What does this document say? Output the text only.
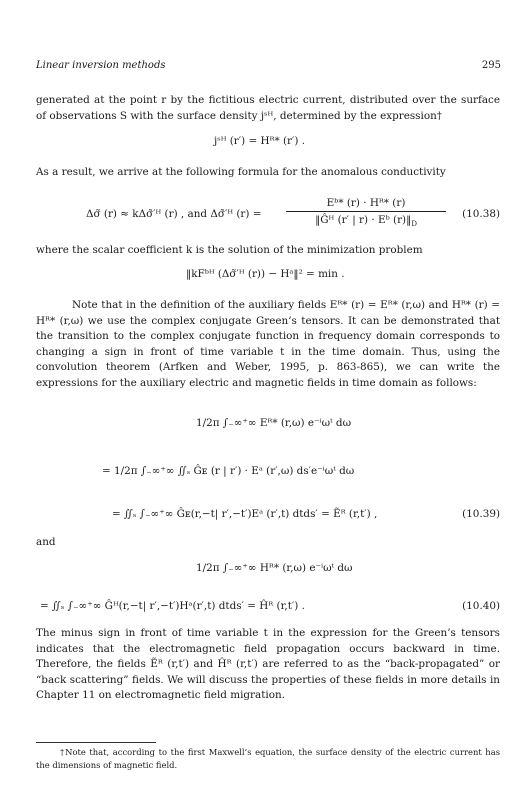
Linear inversion methods	295
generated at the point r by the fictitious electric current, distributed over the surface of observations S with the surface density jˢᴴ, determined by the expression†
jˢᴴ (r′) = Hᴿ* (r′) .
As a result, we arrive at the following formula for the anomalous conductivity
Δσ̃ (r) ≈ kΔσ̃′ᴴ (r) , and Δσ̃′ᴴ (r) =
Eᵇ* (r) · Hᴿ* (r)
‖Ĝᴴ (r′ | r) · Eᵇ $(r)‖_D$
(10.38)
where the scalar coefficient k is the solution of the minimization problem
‖kFᵇᴴ (Δσ̃′ᴴ (r)) − Hᵃ‖² = min .
Note that in the definition of the auxiliary fields Eᴿ* (r) = Eᴿ* (r,ω) and Hᴿ* (r) = Hᴿ* (r,ω) we use the complex conjugate Green’s tensors. It can be demonstrated that the transition to the complex conjugate function in frequency domain corresponds to changing a sign in front of time variable t in the time domain. Thus, using the convolution theorem (Arfken and Weber, 1995, p. 863-865), we can write the expressions for the auxiliary electric and magnetic fields in time domain as follows:
1/2π ∫₋∞⁺∞ Eᴿ* (r,ω) e⁻ⁱωᵗ dω
= 1/2π ∫₋∞⁺∞ ∬ₛ Ĝᴇ (r | r′) · Eᵃ (r′,ω) ds′e⁻ⁱωᵗ dω
= ∬ₛ ∫₋∞⁺∞ Ĝᴇ(r,−t| r′,−t′)Eᵃ (r′,t) dtds′ = Ẽᴿ (r,t′) ,	(10.39)
and
1/2π ∫₋∞⁺∞ Hᴿ* (r,ω) e⁻ⁱωᵗ dω
= ∬ₛ ∫₋∞⁺∞ Ĝᴴ(r,−t| r′,−t′)Hᵃ(r′,t) dtds′ = Ĥᴿ (r,t′) .	(10.40)
The minus sign in front of time variable t in the expression for the Green’s tensors indicates that the electromagnetic field propagation occurs backward in time. Therefore, the fields Ẽᴿ (r,t′) and Ĥᴿ (r,t′) are referred to as the “back-propagated” or “back scattering” fields. We will discuss the properties of these fields in more details in Chapter 11 on electromagnetic field migration.
†Note that, according to the first Maxwell’s equation, the surface density of the electric current has the dimensions of magnetic field.
